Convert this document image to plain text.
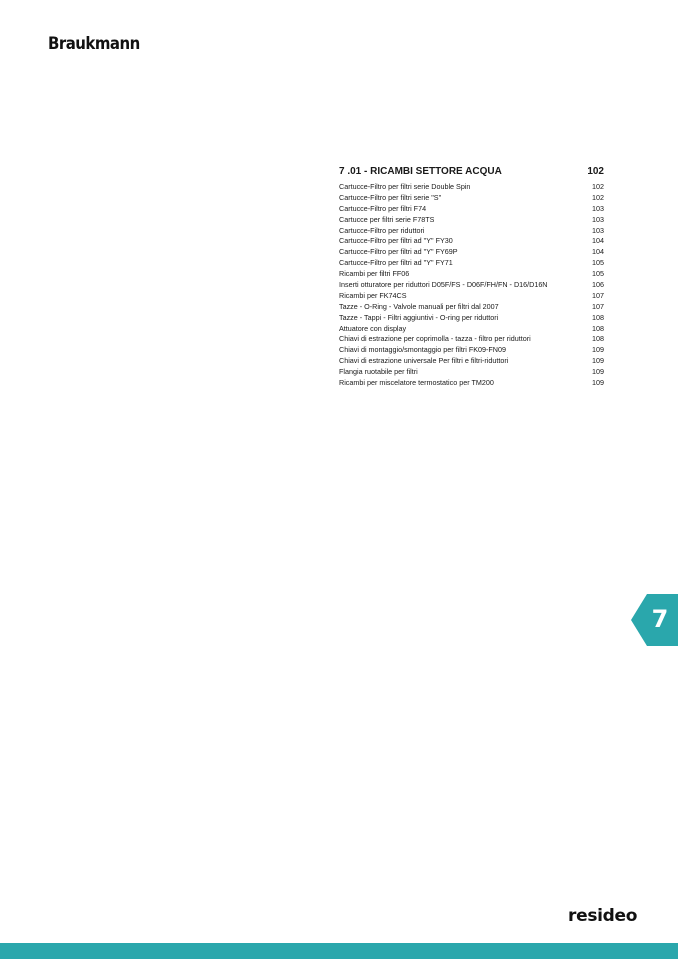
Braukmann
7 .01 - RICAMBI SETTORE ACQUA	102
Cartucce-Filtro per filtri serie Double Spin	102
Cartucce-Filtro per filtri serie "S"	102
Cartucce-Filtro per filtri F74	103
Cartucce per filtri serie F78TS	103
Cartucce-Filtro per riduttori	103
Cartucce-Filtro per filtri ad "Y" FY30	104
Cartucce-Filtro per filtri ad "Y" FY69P	104
Cartucce-Filtro per filtri ad "Y" FY71	105
Ricambi per filtri FF06	105
Inserti otturatore per riduttori D05F/FS - D06F/FH/FN - D16/D16N	106
Ricambi per FK74CS	107
Tazze - O-Ring - Valvole manuali per filtri dal 2007	107
Tazze - Tappi - Filtri aggiuntivi - O-ring per riduttori	108
Attuatore con display	108
Chiavi di estrazione per coprimolla - tazza - filtro per riduttori	108
Chiavi di montaggio/smontaggio per filtri FK09-FN09	109
Chiavi di estrazione universale Per filtri e filtri-riduttori	109
Flangia ruotabile per filtri	109
Ricambi per miscelatore termostatico per TM200	109
7
resideo
